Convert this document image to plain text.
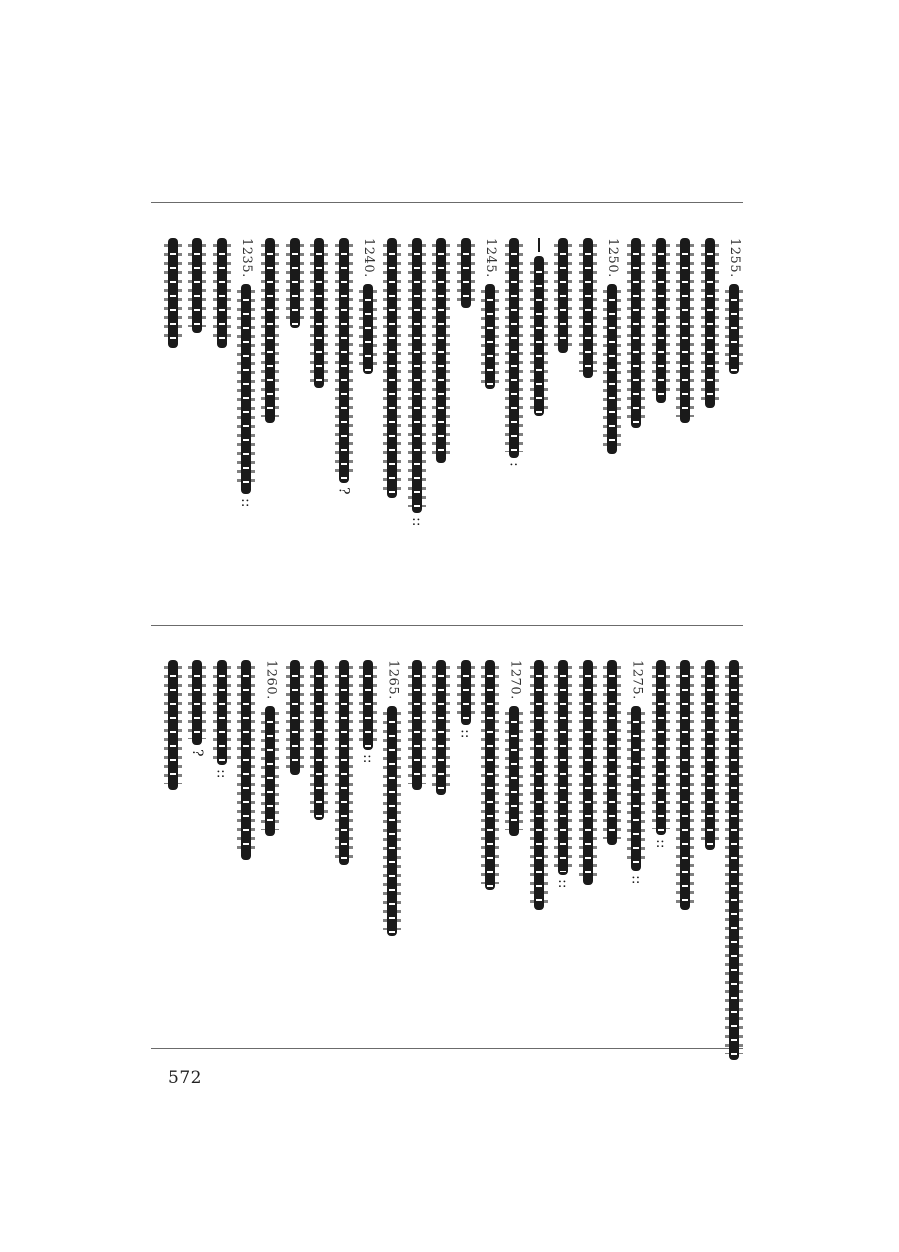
1255.
1250.
:
1245.
::
1240.
?
1235.
::
::
1275.
::
::
1270.
::
1265.
::
1260.
::
?
572
